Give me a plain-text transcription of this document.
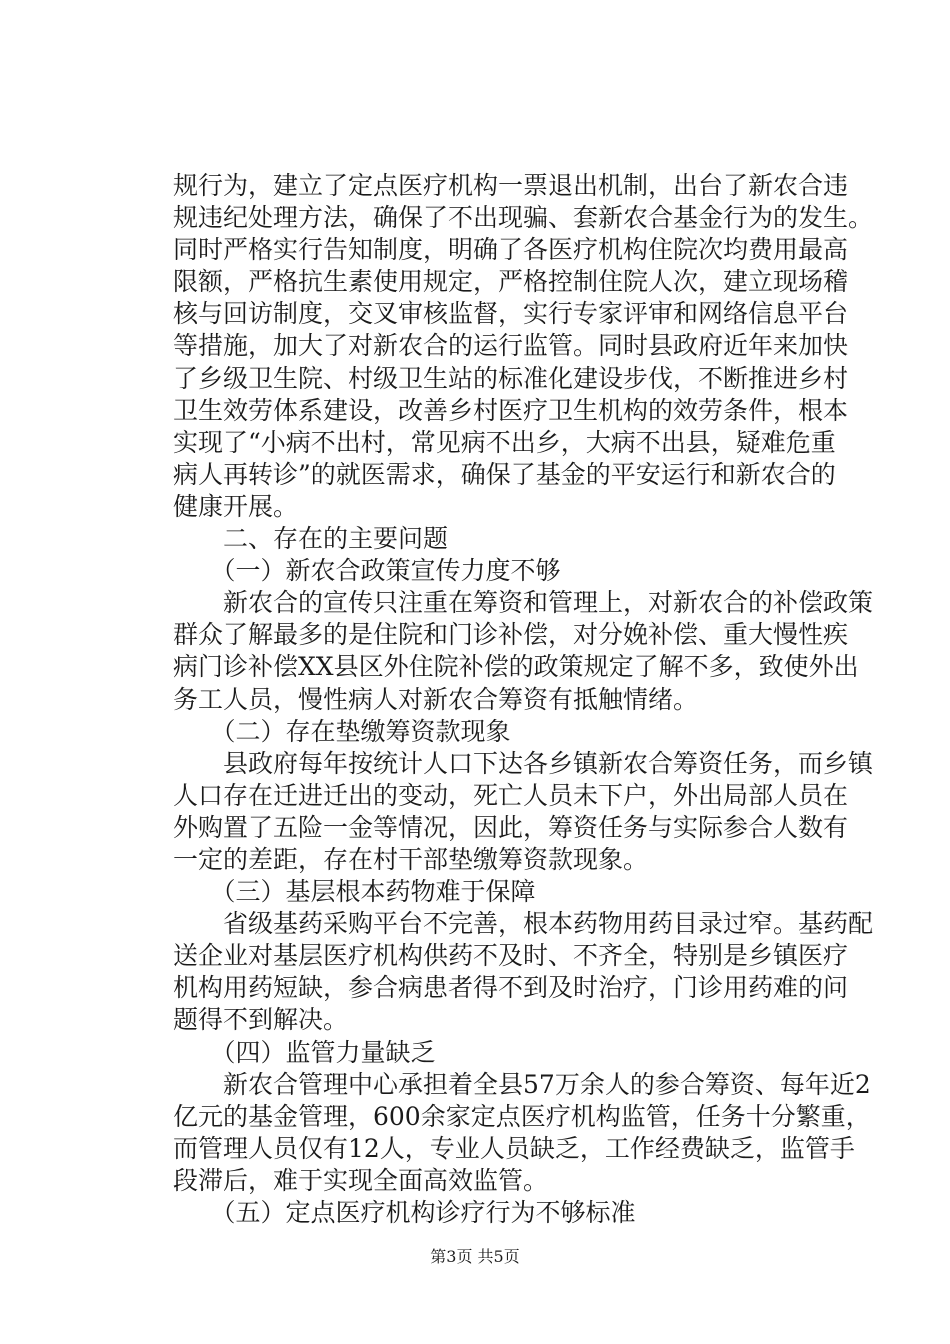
规行为，建立了定点医疗机构一票退出机制，出台了新农合违
规违纪处理方法，确保了不出现骗、套新农合基金行为的发生。
同时严格实行告知制度，明确了各医疗机构住院次均费用最高
限额，严格抗生素使用规定，严格控制住院人次，建立现场稽
核与回访制度，交叉审核监督，实行专家评审和网络信息平台
等措施，加大了对新农合的运行监管。同时县政府近年来加快
了乡级卫生院、村级卫生站的标准化建设步伐，不断推进乡村
卫生效劳体系建设，改善乡村医疗卫生机构的效劳条件，根本
实现了“小病不出村，常见病不出乡，大病不出县，疑难危重
病人再转诊”的就医需求，确保了基金的平安运行和新农合的
健康开展。
　　二、存在的主要问题
　　（一）新农合政策宣传力度不够
　　新农合的宣传只注重在筹资和管理上，对新农合的补偿政策
群众了解最多的是住院和门诊补偿，对分娩补偿、重大慢性疾
病门诊补偿XX县区外住院补偿的政策规定了解不多，致使外出
务工人员，慢性病人对新农合筹资有抵触情绪。
　　（二）存在垫缴筹资款现象
　　县政府每年按统计人口下达各乡镇新农合筹资任务，而乡镇
人口存在迁进迁出的变动，死亡人员未下户，外出局部人员在
外购置了五险一金等情况，因此，筹资任务与实际参合人数有
一定的差距，存在村干部垫缴筹资款现象。
　　（三）基层根本药物难于保障
　　省级基药采购平台不完善，根本药物用药目录过窄。基药配
送企业对基层医疗机构供药不及时、不齐全，特别是乡镇医疗
机构用药短缺，参合病患者得不到及时治疗，门诊用药难的问
题得不到解决。
　　（四）监管力量缺乏
　　新农合管理中心承担着全县57万余人的参合筹资、每年近2
亿元的基金管理，600余家定点医疗机构监管，任务十分繁重，
而管理人员仅有12人，专业人员缺乏，工作经费缺乏，监管手
段滞后，难于实现全面高效监管。
　　（五）定点医疗机构诊疗行为不够标准
第3页 共5页
